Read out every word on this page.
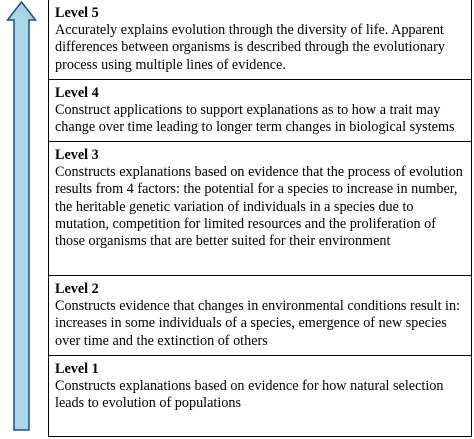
Level 5
Accurately explains evolution through the diversity of life. Apparent differences between organisms is described through the evolutionary process using multiple lines of evidence.
Level 4
Construct applications to support explanations as to how a trait may change over time leading to longer term changes in biological systems
Level 3
Constructs explanations based on evidence that the process of evolution results from 4 factors: the potential for a species to increase in number, the heritable genetic variation of individuals in a species due to mutation, competition for limited resources and the proliferation of those organisms that are better suited for their environment
Level 2
Constructs evidence that changes in environmental conditions result in: increases in some individuals of a species, emergence of new species over time and the extinction of others
Level 1
Constructs explanations based on evidence for how natural selection leads to evolution of populations
